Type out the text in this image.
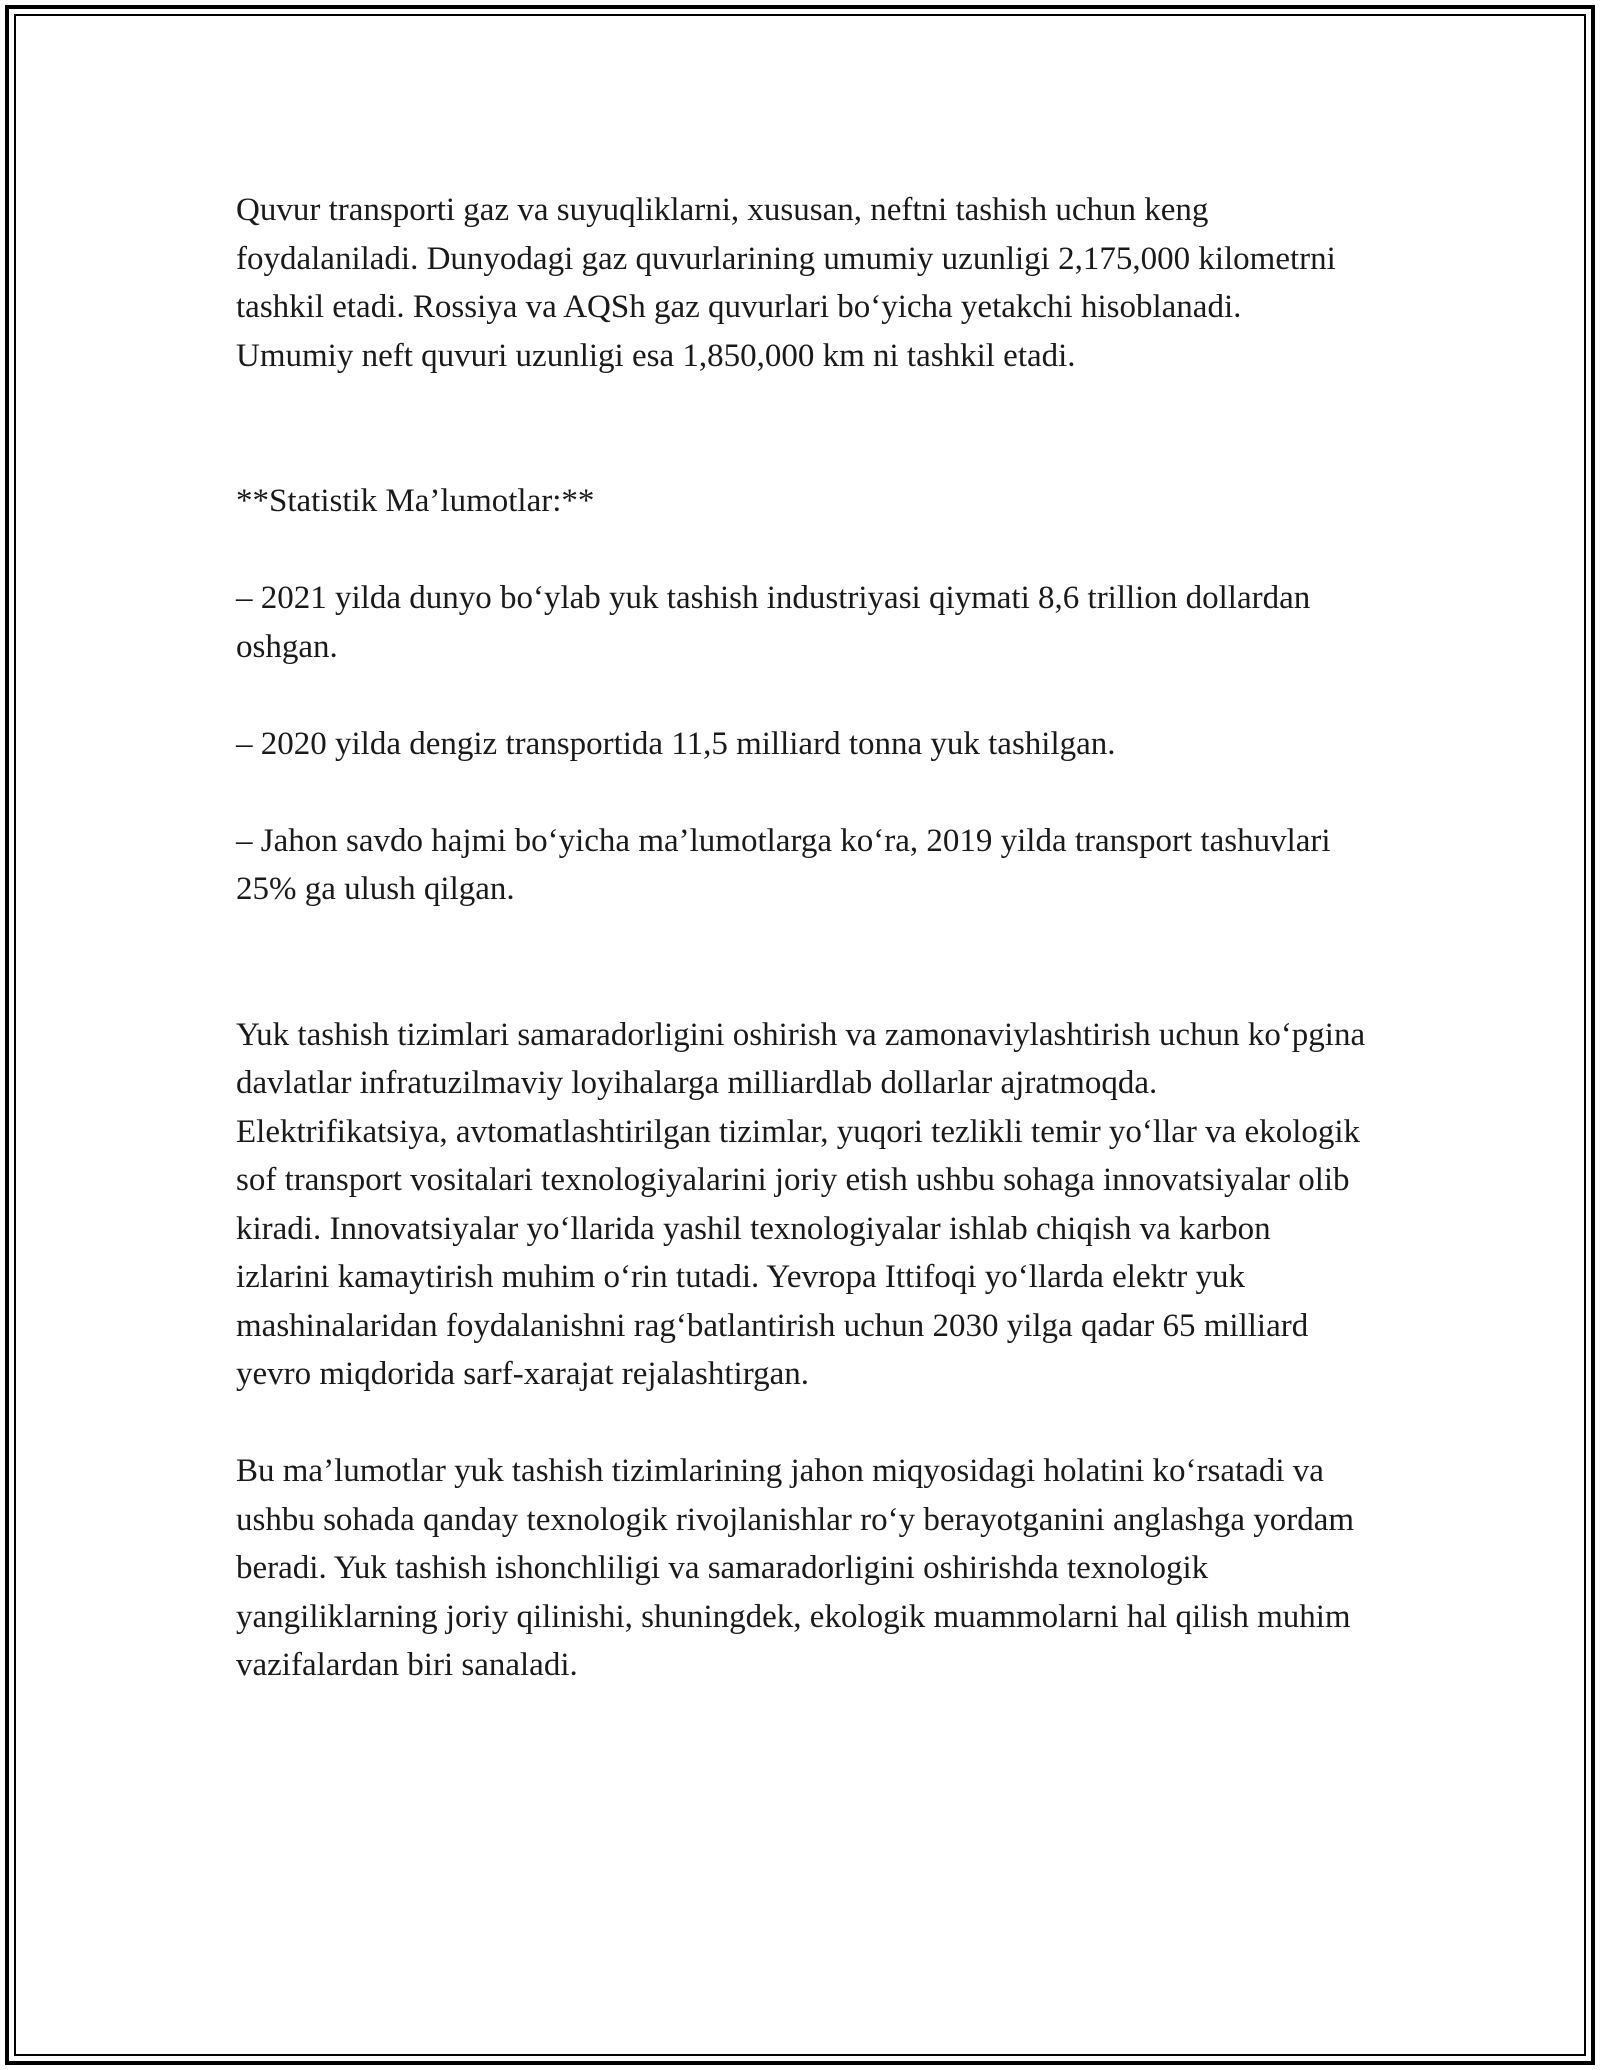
Quvur transporti gaz va suyuqliklarni, xususan, neftni tashish uchun keng foydalaniladi. Dunyodagi gaz quvurlarining umumiy uzunligi 2,175,000 kilometrni tashkil etadi. Rossiya va AQSh gaz quvurlari bo‘yicha yetakchi hisoblanadi. Umumiy neft quvuri uzunligi esa 1,850,000 km ni tashkil etadi.

**Statistik Ma’lumotlar:**

– 2021 yilda dunyo bo‘ylab yuk tashish industriyasi qiymati 8,6 trillion dollardan oshgan.

– 2020 yilda dengiz transportida 11,5 milliard tonna yuk tashilgan.

– Jahon savdo hajmi bo‘yicha ma’lumotlarga ko‘ra, 2019 yilda transport tashuvlari 25% ga ulush qilgan.

Yuk tashish tizimlari samaradorligini oshirish va zamonaviylashtirish uchun ko‘pgina davlatlar infratuzilmaviy loyihalarga milliardlab dollarlar ajratmoqda. Elektrifikatsiya, avtomatlashtirilgan tizimlar, yuqori tezlikli temir yo‘llar va ekologik sof transport vositalari texnologiyalarini joriy etish ushbu sohaga innovatsiyalar olib kiradi. Innovatsiyalar yo‘llarida yashil texnologiyalar ishlab chiqish va karbon izlarini kamaytirish muhim o‘rin tutadi. Yevropa Ittifoqi yo‘llarda elektr yuk mashinalaridan foydalanishni rag‘batlantirish uchun 2030 yilga qadar 65 milliard yevro miqdorida sarf-xarajat rejalashtirgan.

Bu ma’lumotlar yuk tashish tizimlarining jahon miqyosidagi holatini ko‘rsatadi va ushbu sohada qanday texnologik rivojlanishlar ro‘y berayotganini anglashga yordam beradi. Yuk tashish ishonchliligi va samaradorligini oshirishda texnologik yangiliklarning joriy qilinishi, shuningdek, ekologik muammolarni hal qilish muhim vazifalardan biri sanaladi.
